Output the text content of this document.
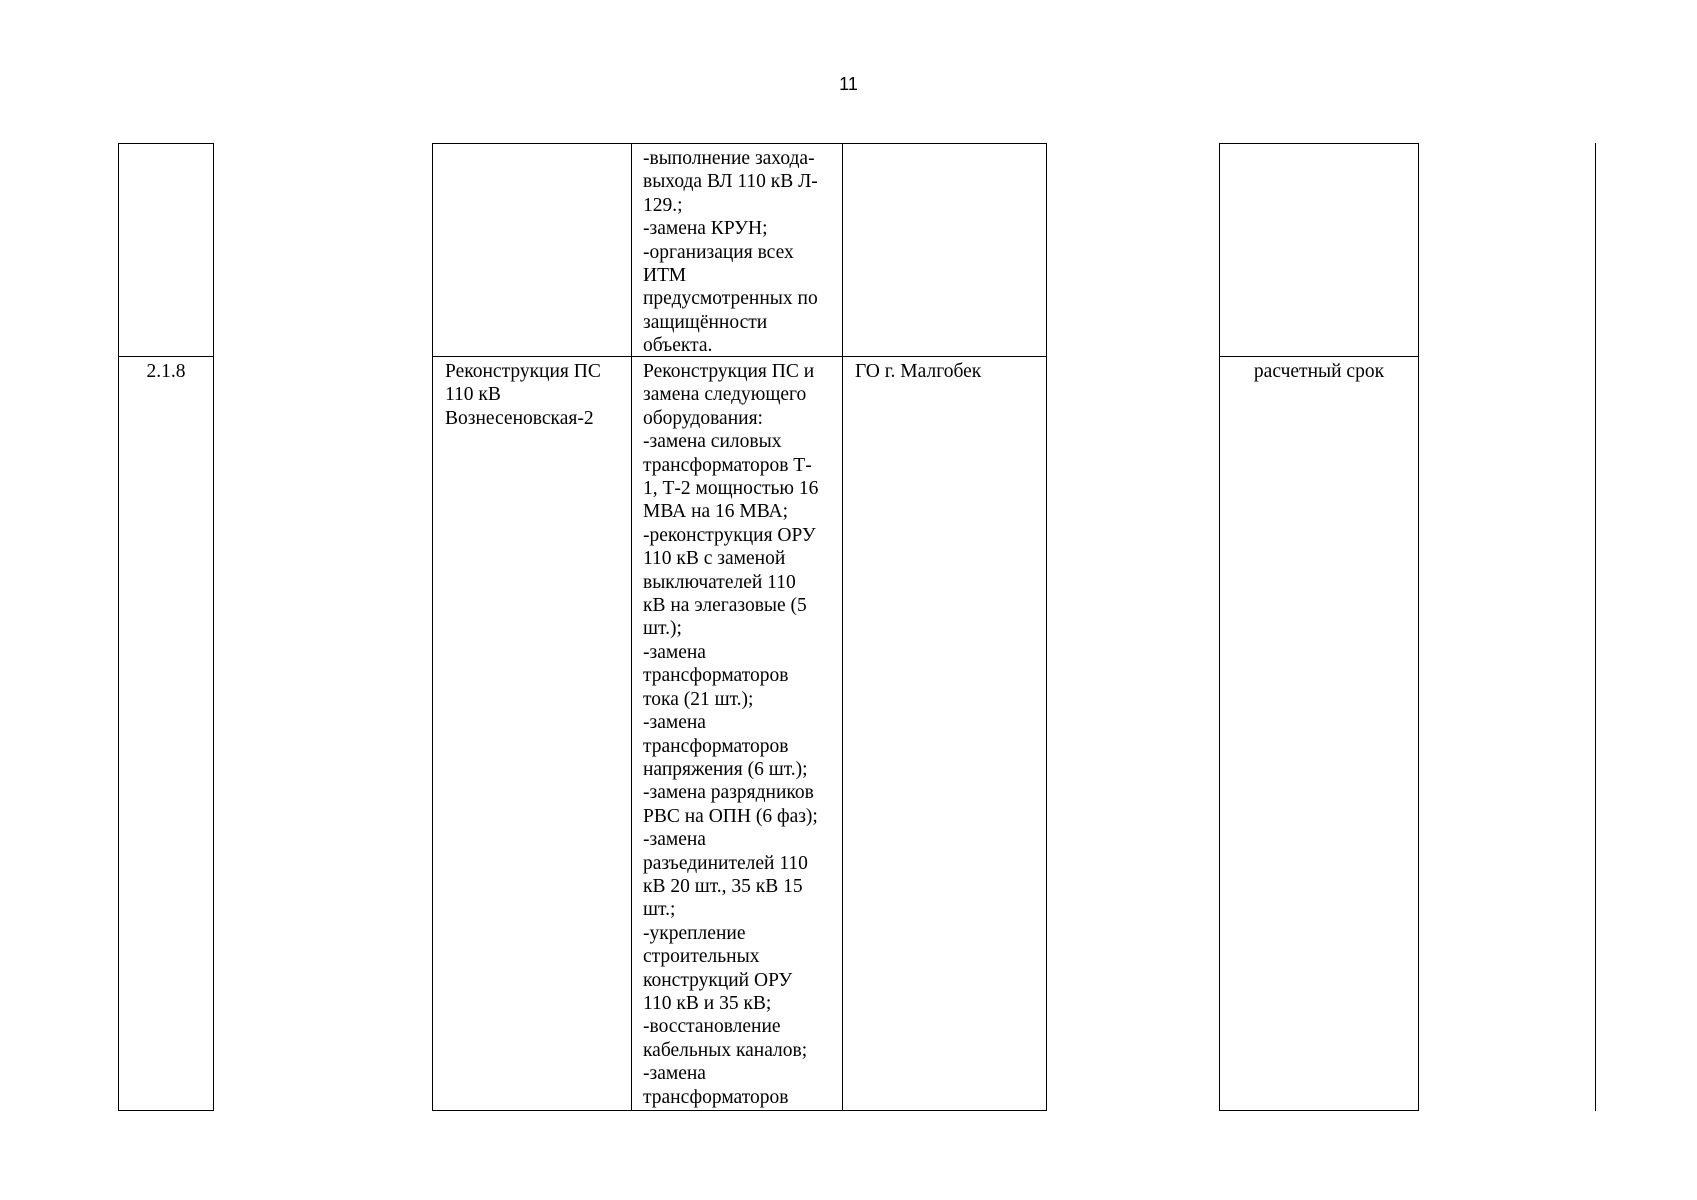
11
-выполнение захода-
выхода ВЛ 110 кВ Л-
129.;
-замена КРУН;
-организация всех
ИТМ
предусмотренных по
защищённости
объекта.
2.1.8	Реконструкция ПС
110 кВ
Вознесеновская-2
Реконструкция ПС и
замена следующего
оборудования:
-замена силовых
трансформаторов Т-
1, Т-2 мощностью 16
МВА на 16 МВА;
-реконструкция ОРУ
110 кВ с заменой
выключателей 110
кВ на элегазовые (5
шт.);
-замена
трансформаторов
тока (21 шт.);
-замена
трансформаторов
напряжения (6 шт.);
-замена разрядников
РВС на ОПН (6 фаз);
-замена
разъединителей 110
кВ 20 шт., 35 кВ 15
шт.;
-укрепление
строительных
конструкций ОРУ
110 кВ и 35 кВ;
-восстановление
кабельных каналов;
-замена
трансформаторов
ГО г. Малгобек	расчетный срок
